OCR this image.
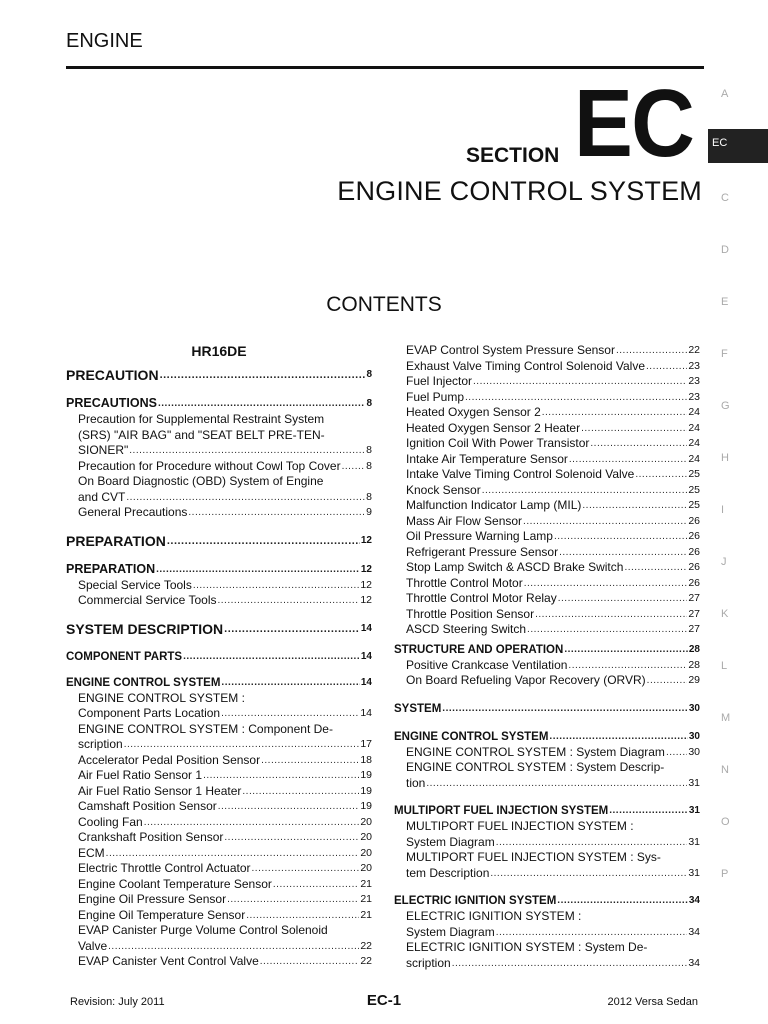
ENGINE
SECTION EC
ENGINE CONTROL SYSTEM
CONTENTS
A
EC
C
D
E
F
G
H
I
J
K
L
M
N
O
P
HR16DE
PRECAUTION .....	8
PRECAUTIONS .....	8
Precaution for Supplemental Restraint System
(SRS) "AIR BAG" and "SEAT BELT PRE-TEN-
SIONER" .....	8
Precaution for Procedure without Cowl Top Cover ..... 8
On Board Diagnostic (OBD) System of Engine
and CVT .....	8
General Precautions .....	9
PREPARATION .....	12
PREPARATION .....	12
Special Service Tools .....	12
Commercial Service Tools .....	12
SYSTEM DESCRIPTION .....	14
COMPONENT PARTS .....	14
ENGINE CONTROL SYSTEM .....	14
ENGINE CONTROL SYSTEM :
Component Parts Location .....	14
ENGINE CONTROL SYSTEM : Component De-
scription .....	17
Accelerator Pedal Position Sensor .....	18
Air Fuel Ratio Sensor 1 .....	19
Air Fuel Ratio Sensor 1 Heater .....	19
Camshaft Position Sensor .....	19
Cooling Fan .....	20
Crankshaft Position Sensor .....	20
ECM .....	20
Electric Throttle Control Actuator .....	20
Engine Coolant Temperature Sensor .....	21
Engine Oil Pressure Sensor .....	21
Engine Oil Temperature Sensor .....	21
EVAP Canister Purge Volume Control Solenoid
Valve .....	22
EVAP Canister Vent Control Valve .....	22
EVAP Control System Pressure Sensor .....	22
Exhaust Valve Timing Control Solenoid Valve .....	23
Fuel Injector .....	23
Fuel Pump .....	23
Heated Oxygen Sensor 2 .....	24
Heated Oxygen Sensor 2 Heater .....	24
Ignition Coil With Power Transistor .....	24
Intake Air Temperature Sensor .....	24
Intake Valve Timing Control Solenoid Valve .....	25
Knock Sensor .....	25
Malfunction Indicator Lamp (MIL) .....	25
Mass Air Flow Sensor .....	26
Oil Pressure Warning Lamp .....	26
Refrigerant Pressure Sensor .....	26
Stop Lamp Switch & ASCD Brake Switch .....	26
Throttle Control Motor .....	26
Throttle Control Motor Relay .....	27
Throttle Position Sensor .....	27
ASCD Steering Switch .....	27
STRUCTURE AND OPERATION .....	28
Positive Crankcase Ventilation .....	28
On Board Refueling Vapor Recovery (ORVR) .....	29
SYSTEM .....	30
ENGINE CONTROL SYSTEM .....	30
ENGINE CONTROL SYSTEM : System Diagram ..... 30
ENGINE CONTROL SYSTEM : System Descrip-
tion .....	31
MULTIPORT FUEL INJECTION SYSTEM .....	31
MULTIPORT FUEL INJECTION SYSTEM :
System Diagram .....	31
MULTIPORT FUEL INJECTION SYSTEM : Sys-
tem Description .....	31
ELECTRIC IGNITION SYSTEM .....	34
ELECTRIC IGNITION SYSTEM :
System Diagram .....	34
ELECTRIC IGNITION SYSTEM : System De-
scription .....	34
Revision: July 2011	EC-1	2012 Versa Sedan
